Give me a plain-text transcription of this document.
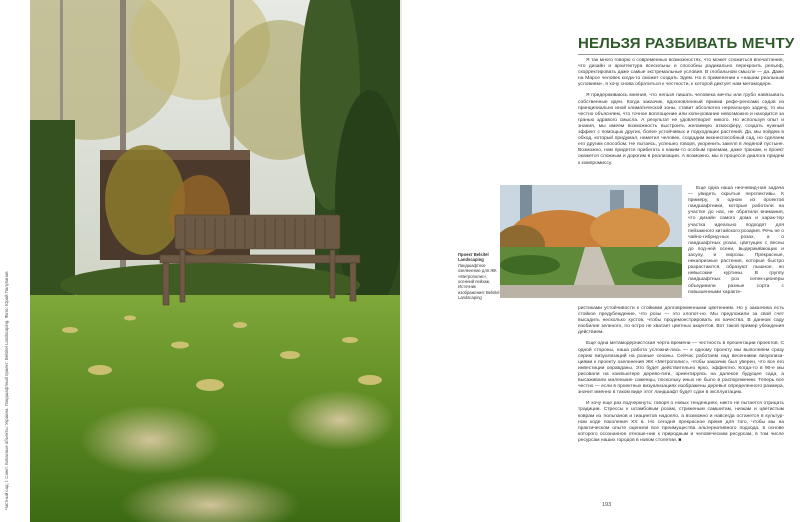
Частный сад, г. Санкт. Кипасные объекты: Украина. Ландшафтный проект: Belsitel Landscaping. Фото: Юрий Полупанов
НЕЛЬЗЯ РАЗБИВАТЬ МЕЧТУ

Я так много говорю о современных возможностях, что может сложиться впечатление, что дизайн и архитектура всесильны и способны радикально перекроить рельеф, скорректировать даже самые экстремальные условия. В глобальном смысле — да. Даже на Марсе человек когда-то сможет создать Эдем. Но в применении к «нашим реальным условиям», я хочу снова обратиться к честности, к которой диктует нам метамодерн.

Я придерживаюсь мнения, что нельзя лишать человека мечты или грубо навязывать собственные идеи. Когда заказчик, вдохновленный яркими рефе-ренсами садов из принципиально иной климатической зоны, ставит абсолютно нереальную задачу, то мы честно объясняем, что точное воплощение или копи-рование невозможно и находится за гранью здравого смысла. А результат не удовлетворит никого. Но используя опыт и знания, мы имеем возможность выстроить желаемую атмосферу, создать нужный эффект с помощью других, более устойчивых и подходящих растений. Да, мы пойдем в обход, который придумал, наметил человек, создадим жизнеспособный сад, но сделаем его другим способом. Не пытаясь, успешно говоря, укоренить закелп в ледяной пустыне. Возможно, нам придется прибегать к каким-то особым приемам, даже трюкам, и проект окажется сложным и дорогим в реализации. А возможно, мы в процессе диалога придем к компромиссу.

Проект Belsitel Landscaping Ландшафтное озеленение для ЖК «Метрополис», осенний пейзаж. Источник изображения: Belsitel Landscaping

Еще одна наша неочевид-ная задача — увидеть скрытые перспективы. К примеру, в одном из проектов ландшафтники, которые работали на участке до нас, не обратили внимания, что дизайн самого дома и харак-тер участка идеально подходят для пейзажного китайского розария. Речь не о чайно-гибрид-ных розах, а о ландшафтных розах, цветущих с весны до под-ней осени, выдерживающих и засуху, и морозы. Прекрасные, некапризные растения, которые быстро разрастаются, образуют пышное, но невысокие куртины. В группу ландшафтных роз селек-ционеры объединили разные сорта с повышенными характе-

ристиками устойчивости к стойкими долговременными цветением. Но у заказчика есть стойкое предубеждение, что розы — это хлопот-но. Мы предложили за свой счет высадить несколько кустов, чтобы продемонстрировать их качества. В данном саду изобилие зеленого, по остро не хватает цветных акцентов. Вот такой пример убеждения действием.

Еще одна метамодернистская черта времени — честность в презентации проектов. С одной стороны, наша работа усложни-лась — к одному проекту мы выполняем сразу серию визуализаций на разные сезоны. Сейчас работаем над весенними визуализа-циями к проекту озеленения ЖК «Метрополис», чтобы заказчик был уверен, что все его инвестиции оправданы. Это будет действительно ярко, эффектно. Когда-то в 90-е мы рисовали на компьютере дерево-гиги, ориентируясь на далекое будущее сада, а высаживали маленькие саженцы, поскольку иных не было в распоряжении. Теперь все честно — если в проектных визуализациях изображены деревья определенного размера, значит именно в таком виде этот ландшафт будет сдан в эксплуатацию.

И хочу еще раз подчеркнуть: говоря о новых тенденциях, никто не пытается отрицать традиции. Стрессы к штамбовым розам, стриженым самшитам, низкам и цветистым коврам из тюльпанов и гиацинтов надоело, а возможно и навсегда останется в культур-ном коде поколения XX в. Но сегодня прекрасное время для того, чтобы мы на практическом опыте оценили все преимущества альтернативного подхода, в основе которого осознанное отноше-ние к природным и человеческим ресурсам, в том числе ресурсам наших городов в новом столетии. ■

193
